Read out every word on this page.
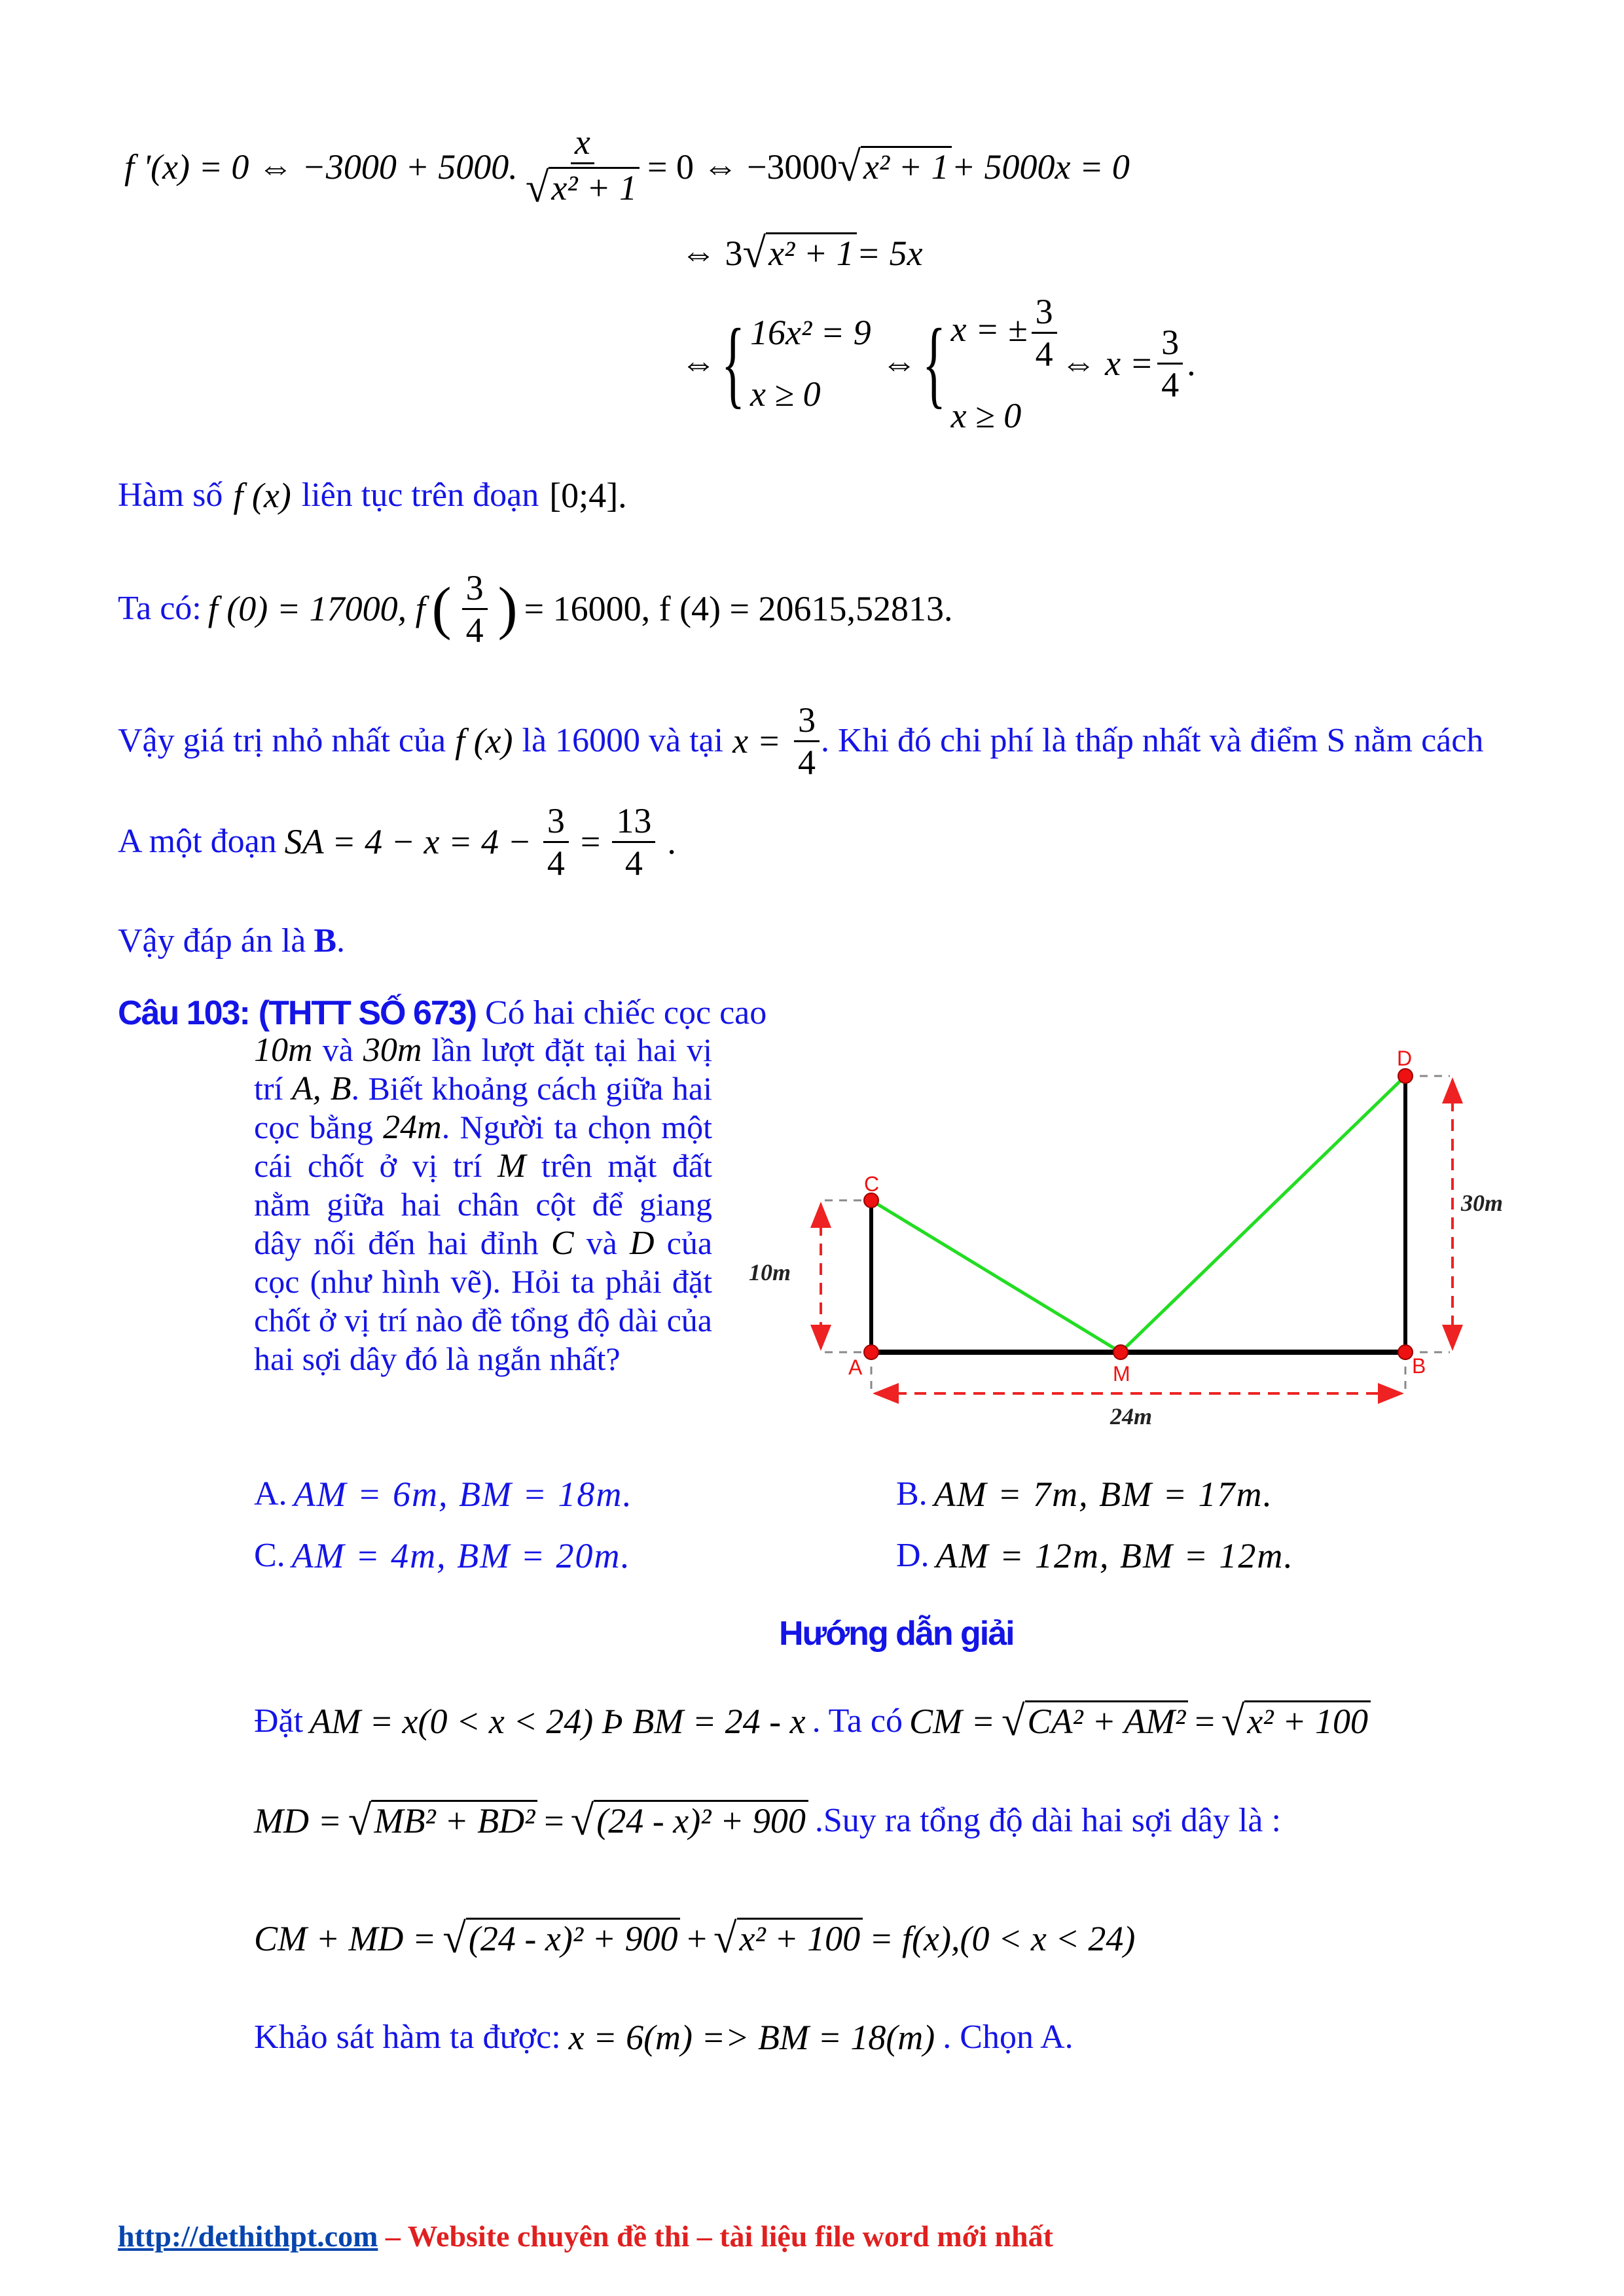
f '(x) = 0 ⇔ −3000 + 5000. $\frac{x}{\text{√ x² + 1}} = 0$ ⇔ −3000 √ x² + 1 + 5000x = 0
⇔ 3 √ x² + 1 = 5x
⇔ { 16x² = 9
x ≥ 0
⇔ { x = ± $\frac{3}{4}$
x ≥ 0
⇔ $x = \frac{3}{4}$ .
Hàm số f (x) liên tục trên đoạn [0;4].
Ta có: f (0) = 17000, f ( $\frac{3}{4}$ ) = 16000, f (4) = 20615,52813.
Vậy giá trị nhỏ nhất của f (x) là 16000 và tại $x = \frac{3}{4}$ . Khi đó chi phí là thấp nhất và điểm S nằm cách
A một đoạn SA = $4 - x = 4 - \frac{3}{4} = \frac{13}{4}$ .
Vậy đáp án là B .
Câu 103: (THTT SỐ 673) Có hai chiếc cọc cao
10m và 30m lần lượt đặt tại hai vị trí A, B. Biết khoảng cách giữa hai cọc bằng 24m. Người ta chọn một cái chốt ở vị trí M trên mặt đất nằm giữa hai chân cột để giang dây nối đến hai đỉnh C và D của cọc (như hình vẽ). Hỏi ta phải đặt chốt ở vị trí nào đề tổng độ dài của hai sợi dây đó là ngắn nhất?
C
A	M	B
D
10m
30m
24m
A. AM = 6m, BM = 18m.	B. AM = 7m, BM = 17m.
C. AM = 4m, BM = 20m.	D. AM = 12m, BM = 12m.
Hướng dẫn giải
Đặt AM = x(0 < x < 24) Þ BM = 24 - x . Ta có CM = √ CA² + AM² = √ x² + 100
MD = √ MB² + BD² = √ (24 - x)² + 900 .Suy ra tổng độ dài hai sợi dây là :
CM + MD = √ (24 - x)² + 900 + √ x² + 100 = f(x),(0 < x < 24)
Khảo sát hàm ta được: x = 6(m) => BM = 18(m) . Chọn A.
http://dethithpt.com – Website chuyên đề thi – tài liệu file word mới nhất
